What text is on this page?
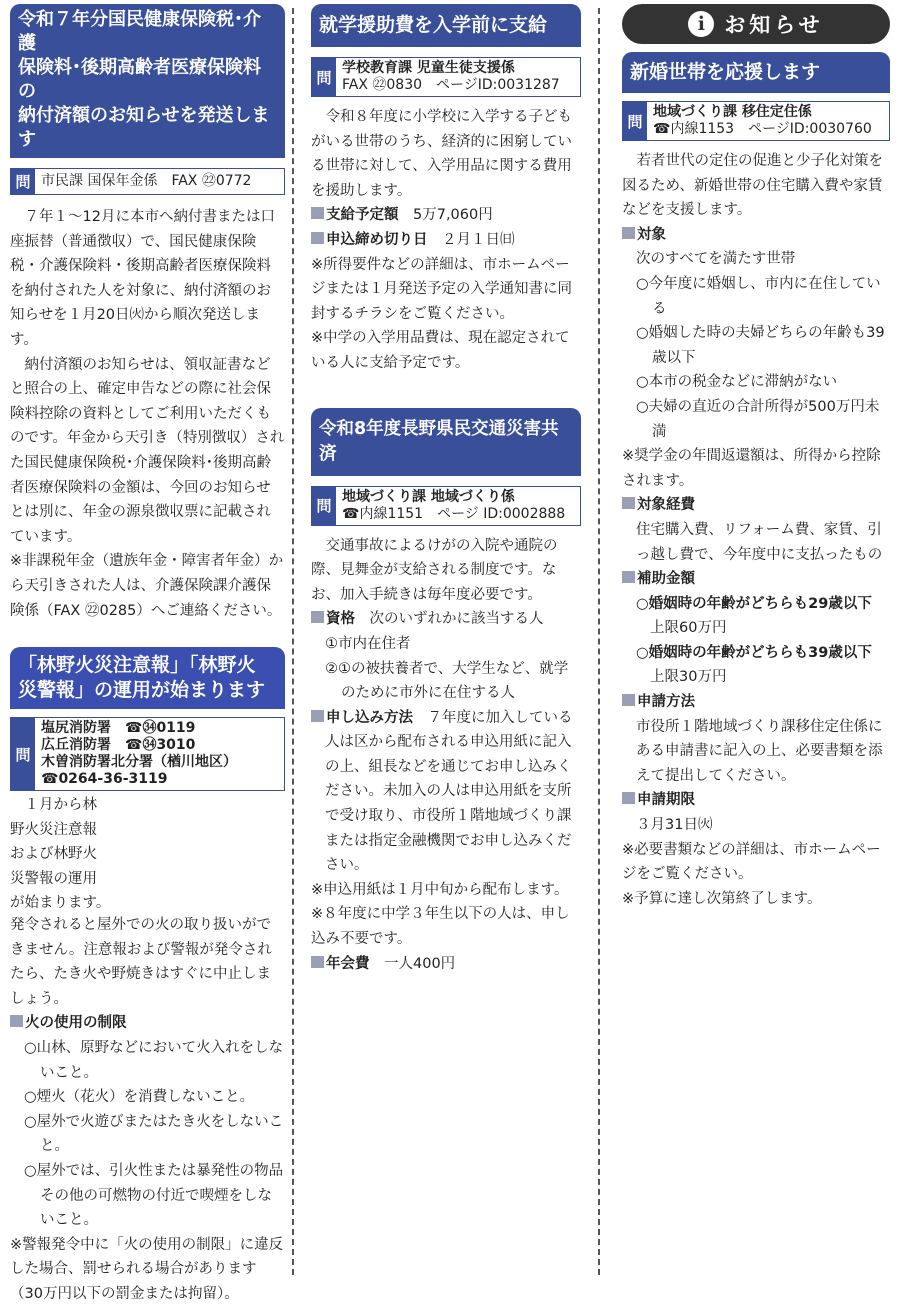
令和７年分国民健康保険税･介護
保険料･後期高齢者医療保険料の
納付済額のお知らせを発送します
問 市民課 国保年金係　FAX ㉒0772

７年１～12月に本市へ納付書または口座振替（普通徴収）で、国民健康保険税・介護保険料・後期高齢者医療保険料を納付された人を対象に、納付済額のお知らせを１月20日㈫から順次発送します。

納付済額のお知らせは、領収証書などと照合の上、確定申告などの際に社会保険料控除の資料としてご利用いただくものです。年金から天引き（特別徴収）された国民健康保険税･介護保険料･後期高齢者医療保険料の金額は、今回のお知らせとは別に、年金の源泉徴収票に記載されています。

※非課税年金（遺族年金・障害者年金）から天引きされた人は、介護保険課介護保険係（FAX ㉒0285）へご連絡ください。

「林野火災注意報」「林野火
災警報」の運用が始まります
問
塩尻消防署　☎㉞0119
広丘消防署　☎㉞3010
木曽消防署北分署（楢川地区）
☎0264-36-3119

１月から林

野火災注意報

および林野火

災警報の運用

が始まります。

発令されると屋外での火の取り扱いができません。注意報および警報が発令されたら、たき火や野焼きはすぐに中止しましょう。

火の使用の制限

○山林、原野などにおいて火入れをしないこと。

○煙火（花火）を消費しないこと。

○屋外で火遊びまたはたき火をしないこと。

○屋外では、引火性または暴発性の物品その他の可燃物の付近で喫煙をしないこと。

※警報発令中に「火の使用の制限」に違反した場合、罰せられる場合があります（30万円以下の罰金または拘留）。

就学援助費を入学前に支給
問
学校教育課 児童生徒支援係
FAX ㉒0830　ページID:0031287

令和８年度に小学校に入学する子どもがいる世帯のうち、経済的に困窮している世帯に対して、入学用品に関する費用を援助します。

支給予定額　 5万7,060円

申込締め切り日　 ２月１日㈰

※所得要件などの詳細は、市ホームページまたは１月発送予定の入学通知書に同封するチラシをご覧ください。

※中学の入学用品費は、現在認定されている人に支給予定です。

令和8年度長野県民交通災害共済
問
地域づくり課 地域づくり係
☎内線1151　ページ ID:0002888

交通事故によるけがの入院や通院の際、見舞金が支給される制度です。なお、加入手続きは毎年度必要です。

資格　 次のいずれかに該当する人

①市内在住者

②①の被扶養者で、大学生など、就学のために市外に在住する人

申し込み方法　 ７年度に加入している人は区から配布される申込用紙に記入の上、組長などを通じてお申し込みください。未加入の人は申込用紙を支所で受け取り、市役所１階地域づくり課または指定金融機関でお申し込みください。

※申込用紙は１月中旬から配布します。

※８年度に中学３年生以下の人は、申し込み不要です。

年会費　 一人400円

i お知らせ
新婚世帯を応援します
問
地域づくり課 移住定住係
☎内線1153　ページID:0030760

若者世代の定住の促進と少子化対策を図るため、新婚世帯の住宅購入費や家賃などを支援します。

対象

次のすべてを満たす世帯

○今年度に婚姻し、市内に在住している

○婚姻した時の夫婦どちらの年齢も39歳以下

○本市の税金などに滞納がない

○夫婦の直近の合計所得が500万円未満

※奨学金の年間返還額は、所得から控除されます。

対象経費

住宅購入費、リフォーム費、家賃、引っ越し費で、今年度中に支払ったもの

補助金額

○婚姻時の年齢がどちらも29歳以下

上限60万円

○婚姻時の年齢がどちらも39歳以下

上限30万円

申請方法

市役所１階地域づくり課移住定住係にある申請書に記入の上、必要書類を添えて提出してください。

申請期限

３月31日㈫

※必要書類などの詳細は、市ホームページをご覧ください。

※予算に達し次第終了します。
